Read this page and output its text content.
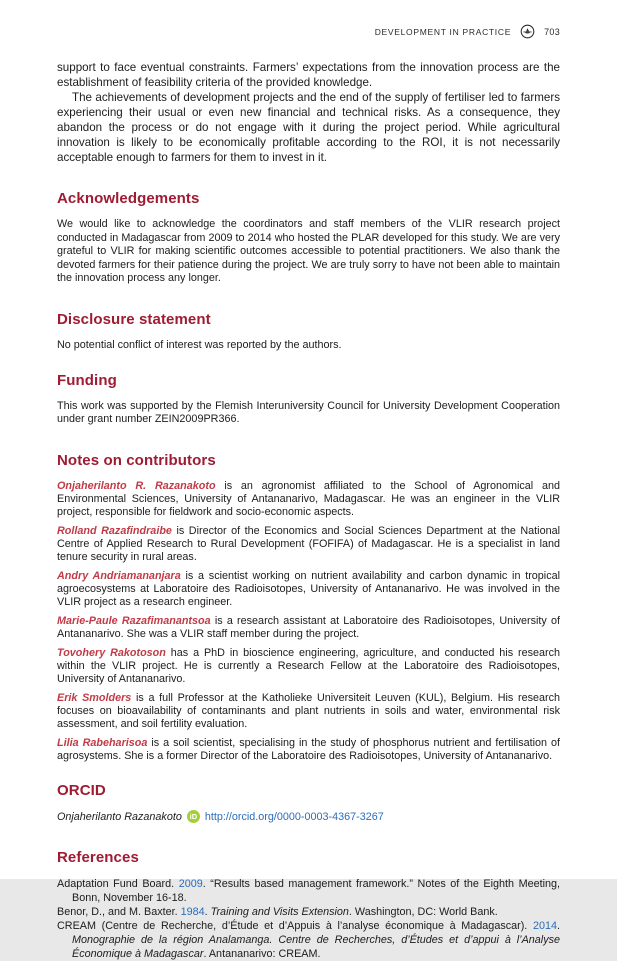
DEVELOPMENT IN PRACTICE	703

support to face eventual constraints. Farmers’ expectations from the innovation process are the establishment of feasibility criteria of the provided knowledge.

The achievements of development projects and the end of the supply of fertiliser led to farmers experiencing their usual or even new financial and technical risks. As a consequence, they abandon the process or do not engage with it during the project period. While agricultural innovation is likely to be economically profitable according to the ROI, it is not necessarily acceptable enough to farmers for them to invest in it.

Acknowledgements

We would like to acknowledge the coordinators and staff members of the VLIR research project conducted in Madagascar from 2009 to 2014 who hosted the PLAR developed for this study. We are very grateful to VLIR for making scientific outcomes accessible to potential practitioners. We also thank the devoted farmers for their patience during the project. We are truly sorry to have not been able to maintain the innovation process any longer.

Disclosure statement

No potential conflict of interest was reported by the authors.

Funding

This work was supported by the Flemish Interuniversity Council for University Development Cooperation under grant number ZEIN2009PR366.

Notes on contributors

Onjaherilanto R. Razanakoto is an agronomist affiliated to the School of Agronomical and Environmental Sciences, University of Antananarivo, Madagascar. He was an engineer in the VLIR project, responsible for fieldwork and socio-economic aspects.

Rolland Razafindraibe is Director of the Economics and Social Sciences Department at the National Centre of Applied Research to Rural Development (FOFIFA) of Madagascar. He is a specialist in land tenure security in rural areas.

Andry Andriamananjara is a scientist working on nutrient availability and carbon dynamic in tropical agroecosystems at Laboratoire des Radioisotopes, University of Antananarivo. He was involved in the VLIR project as a research engineer.

Marie-Paule Razafimanantsoa is a research assistant at Laboratoire des Radioisotopes, University of Antananarivo. She was a VLIR staff member during the project.

Tovohery Rakotoson has a PhD in bioscience engineering, agriculture, and conducted his research within the VLIR project. He is currently a Research Fellow at the Laboratoire des Radioisotopes, University of Antananarivo.

Erik Smolders is a full Professor at the Katholieke Universiteit Leuven (KUL), Belgium. His research focuses on bioavailability of contaminants and plant nutrients in soils and water, environmental risk assessment, and soil fertility evaluation.

Lilia Rabeharisoa is a soil scientist, specialising in the study of phosphorus nutrient and fertilisation of agrosystems. She is a former Director of the Laboratoire des Radioisotopes, University of Antananarivo.

ORCID

Onjaherilanto Razanakoto	iD http://orcid.org/0000-0003-4367-3267

References

Adaptation Fund Board. 2009. “Results based management framework.” Notes of the Eighth Meeting, Bonn, November 16-18.

Benor, D., and M. Baxter. 1984. Training and Visits Extension. Washington, DC: World Bank.

CREAM (Centre de Recherche, d’Étude et d’Appuis à l’analyse économique à Madagascar). 2014. Monographie de la région Analamanga. Centre de Recherches, d’Études et d’appui à l’Analyse Économique à Madagascar. Antananarivo: CREAM.
